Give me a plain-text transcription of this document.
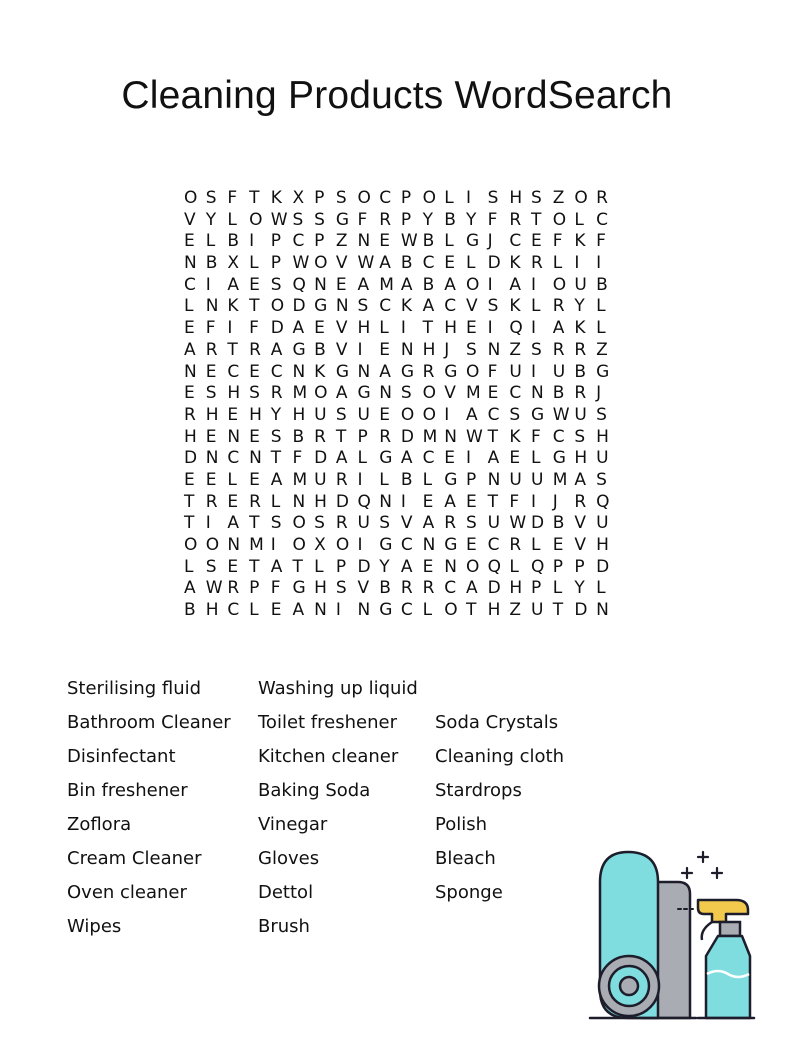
Cleaning Products WordSearch
O S F T K X P S O C P O L I S H S Z O R
V Y L O W S S G F R P Y B Y F R T O L C
E L B I P C P Z N E W B L G J C E F K F
N B X L P W O V W A B C E L D K R L I I
C I A E S Q N E A M A B A O I A I O U B
L N K T O D G N S C K A C V S K L R Y L
E F I F D A E V H L I T H E I Q I A K L
A R T R A G B V I E N H J S N Z S R R Z
N E C E C N K G N A G R G O F U I U B G
E S H S R M O A G N S O V M E C N B R J
R H E H Y H U S U E O O I A C S G W U S
H E N E S B R T P R D M N W T K F C S H
D N C N T F D A L G A C E I A E L G H U
E E L E A M U R I L B L G P N U U M A S
T R E R L N H D Q N I E A E T F I J R Q
T I A T S O S R U S V A R S U W D B V U
O O N M I O X O I G C N G E C R L E V H
L S E T A T L P D Y A E N O Q L Q P P D
A W R P F G H S V B R R C A D H P L Y L
B H C L E A N I N G C L O T H Z U T D N
Sterilising fluid
Bathroom Cleaner
Disinfectant
Bin freshener
Zoflora
Cream Cleaner
Oven cleaner
Wipes
Washing up liquid
Toilet freshener
Kitchen cleaner
Baking Soda
Vinegar
Gloves
Dettol
Brush
Soda Crystals
Cleaning cloth
Stardrops
Polish
Bleach
Sponge
